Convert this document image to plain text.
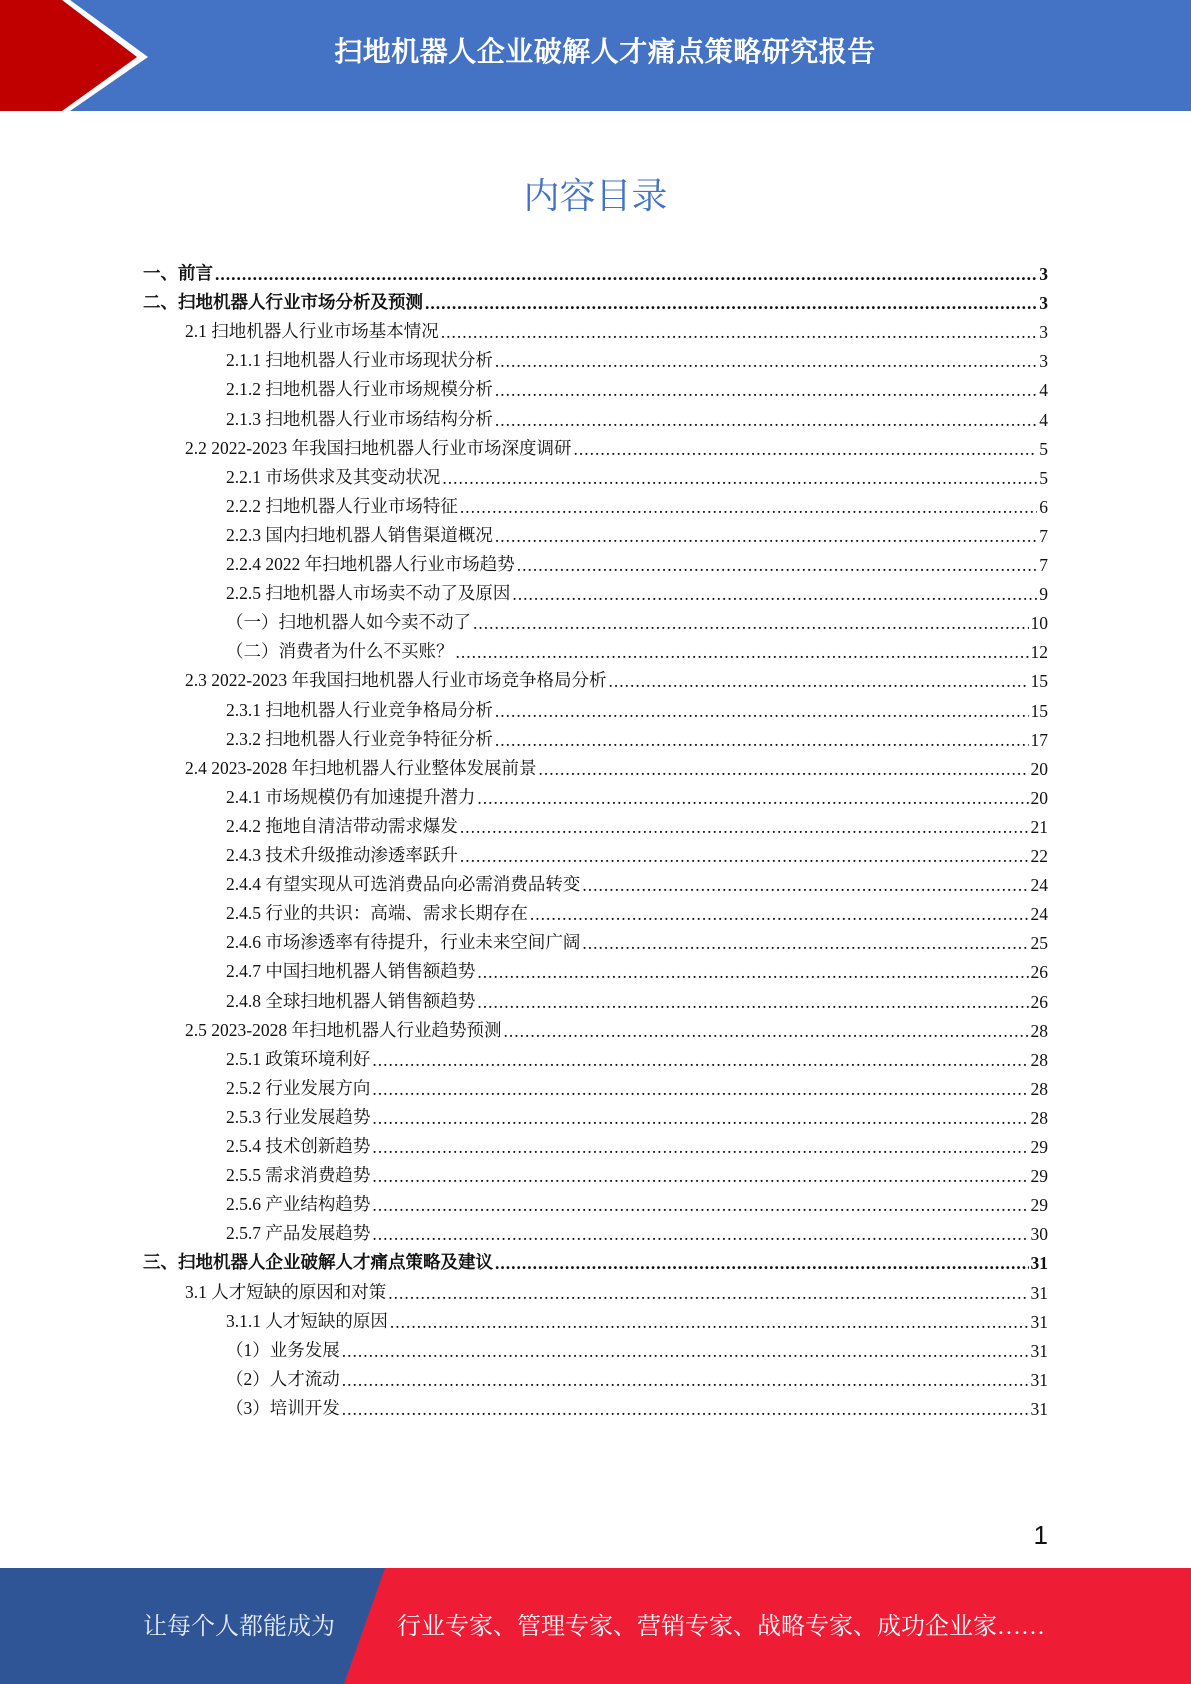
扫地机器人企业破解人才痛点策略研究报告
内容目录
一、前言 .....	3
二、扫地机器人行业市场分析及预测 .....	3
2.1 扫地机器人行业市场基本情况 .....	3
2.1.1 扫地机器人行业市场现状分析 .....	3
2.1.2 扫地机器人行业市场规模分析 .....	4
2.1.3 扫地机器人行业市场结构分析 .....	4
2.2 2022-2023 年我国扫地机器人行业市场深度调研 .....	5
2.2.1 市场供求及其变动状况 .....	5
2.2.2 扫地机器人行业市场特征 .....	6
2.2.3 国内扫地机器人销售渠道概况 .....	7
2.2.4 2022 年扫地机器人行业市场趋势 .....	7
2.2.5 扫地机器人市场卖不动了及原因 .....	9
（一）扫地机器人如今卖不动了 .....	10
（二）消费者为什么不买账？ .....	12
2.3 2022-2023 年我国扫地机器人行业市场竞争格局分析 .....	15
2.3.1 扫地机器人行业竞争格局分析 .....	15
2.3.2 扫地机器人行业竞争特征分析 .....	17
2.4 2023-2028 年扫地机器人行业整体发展前景 .....	20
2.4.1 市场规模仍有加速提升潜力 .....	20
2.4.2 拖地自清洁带动需求爆发 .....	21
2.4.3 技术升级推动渗透率跃升 .....	22
2.4.4 有望实现从可选消费品向必需消费品转变 .....	24
2.4.5 行业的共识：高端、需求长期存在 .....	24
2.4.6 市场渗透率有待提升，行业未来空间广阔 .....	25
2.4.7 中国扫地机器人销售额趋势 .....	26
2.4.8 全球扫地机器人销售额趋势 .....	26
2.5 2023-2028 年扫地机器人行业趋势预测 .....	28
2.5.1 政策环境利好 .....	28
2.5.2 行业发展方向 .....	28
2.5.3 行业发展趋势 .....	28
2.5.4 技术创新趋势 .....	29
2.5.5 需求消费趋势 .....	29
2.5.6 产业结构趋势 .....	29
2.5.7 产品发展趋势 .....	30
三、扫地机器人企业破解人才痛点策略及建议 .....	31
3.1 人才短缺的原因和对策 .....	31
3.1.1 人才短缺的原因 .....	31
（1）业务发展 .....	31
（2）人才流动 .....	31
（3）培训开发 .....	31
1
让每个人都能成为	行业专家、管理专家、营销专家、战略专家、成功企业家……
